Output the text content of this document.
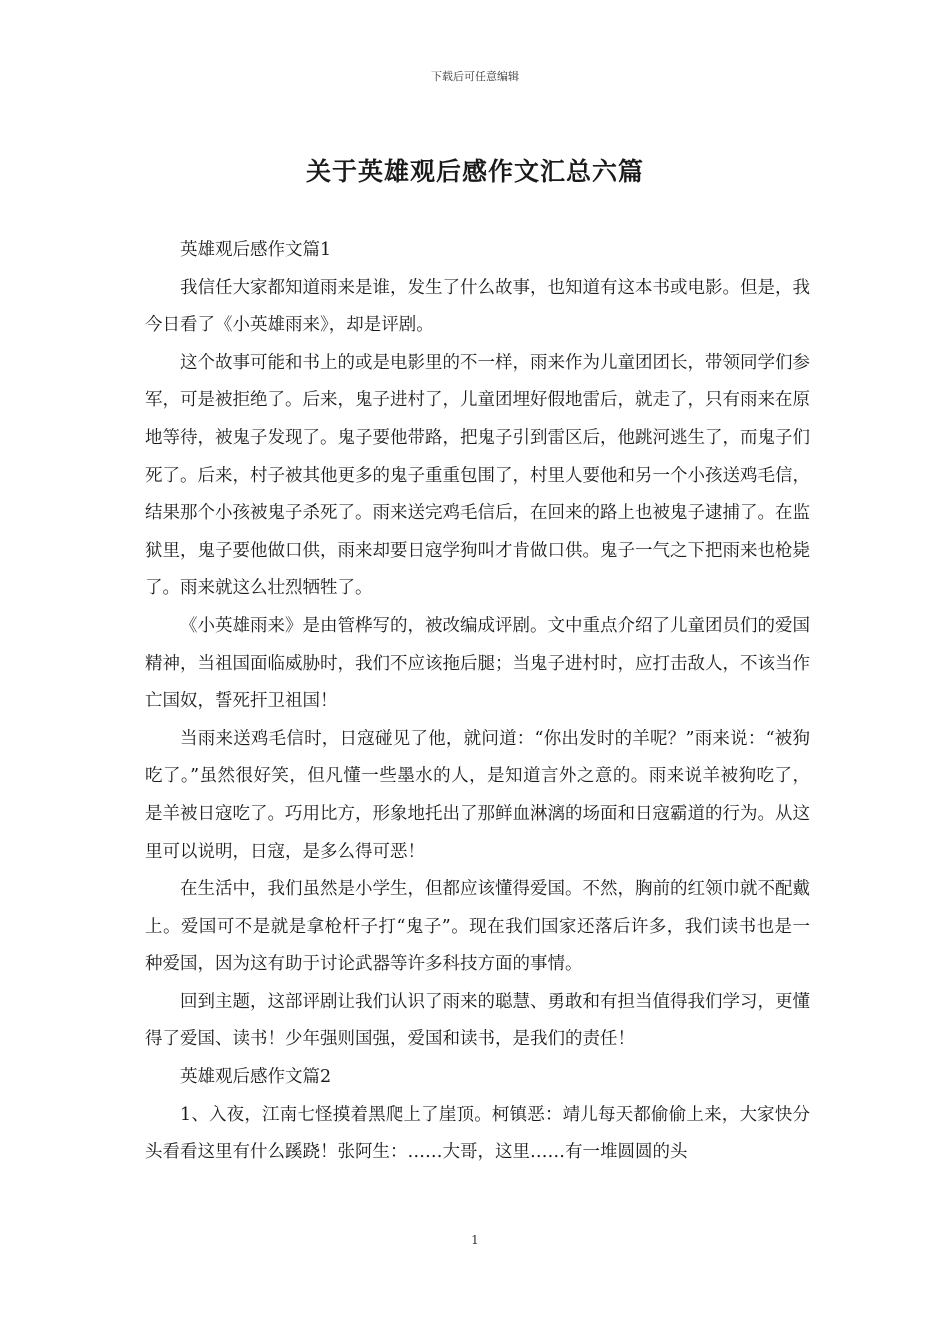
下载后可任意编辑
关于英雄观后感作文汇总六篇

英雄观后感作文篇1

我信任大家都知道雨来是谁，发生了什么故事，也知道有这本书或电影。但是，我今日看了《小英雄雨来》，却是评剧。

这个故事可能和书上的或是电影里的不一样，雨来作为儿童团团长，带领同学们参军，可是被拒绝了。后来，鬼子进村了，儿童团埋好假地雷后，就走了，只有雨来在原地等待，被鬼子发现了。鬼子要他带路，把鬼子引到雷区后，他跳河逃生了，而鬼子们死了。后来，村子被其他更多的鬼子重重包围了，村里人要他和另一个小孩送鸡毛信，结果那个小孩被鬼子杀死了。雨来送完鸡毛信后，在回来的路上也被鬼子逮捕了。在监狱里，鬼子要他做口供，雨来却要日寇学狗叫才肯做口供。鬼子一气之下把雨来也枪毙了。雨来就这么壮烈牺牲了。

《小英雄雨来》是由管桦写的，被改编成评剧。文中重点介绍了儿童团员们的爱国精神，当祖国面临威胁时，我们不应该拖后腿；当鬼子进村时，应打击敌人，不该当作亡国奴，誓死扞卫祖国！

当雨来送鸡毛信时，日寇碰见了他，就问道：“你出发时的羊呢？”雨来说：“被狗吃了。”虽然很好笑，但凡懂一些墨水的人，是知道言外之意的。雨来说羊被狗吃了，是羊被日寇吃了。巧用比方，形象地托出了那鲜血淋漓的场面和日寇霸道的行为。从这里可以说明，日寇，是多么得可恶！

在生活中，我们虽然是小学生，但都应该懂得爱国。不然，胸前的红领巾就不配戴上。爱国可不是就是拿枪杆子打“鬼子”。现在我们国家还落后许多，我们读书也是一种爱国，因为这有助于讨论武器等许多科技方面的事情。

回到主题，这部评剧让我们认识了雨来的聪慧、勇敢和有担当值得我们学习，更懂得了爱国、读书！少年强则国强，爱国和读书，是我们的责任！

英雄观后感作文篇2

1、入夜，江南七怪摸着黑爬上了崖顶。柯镇恶：靖儿每天都偷偷上来，大家快分头看看这里有什么蹊跷！张阿生：……大哥，这里……有一堆圆圆的头

1
